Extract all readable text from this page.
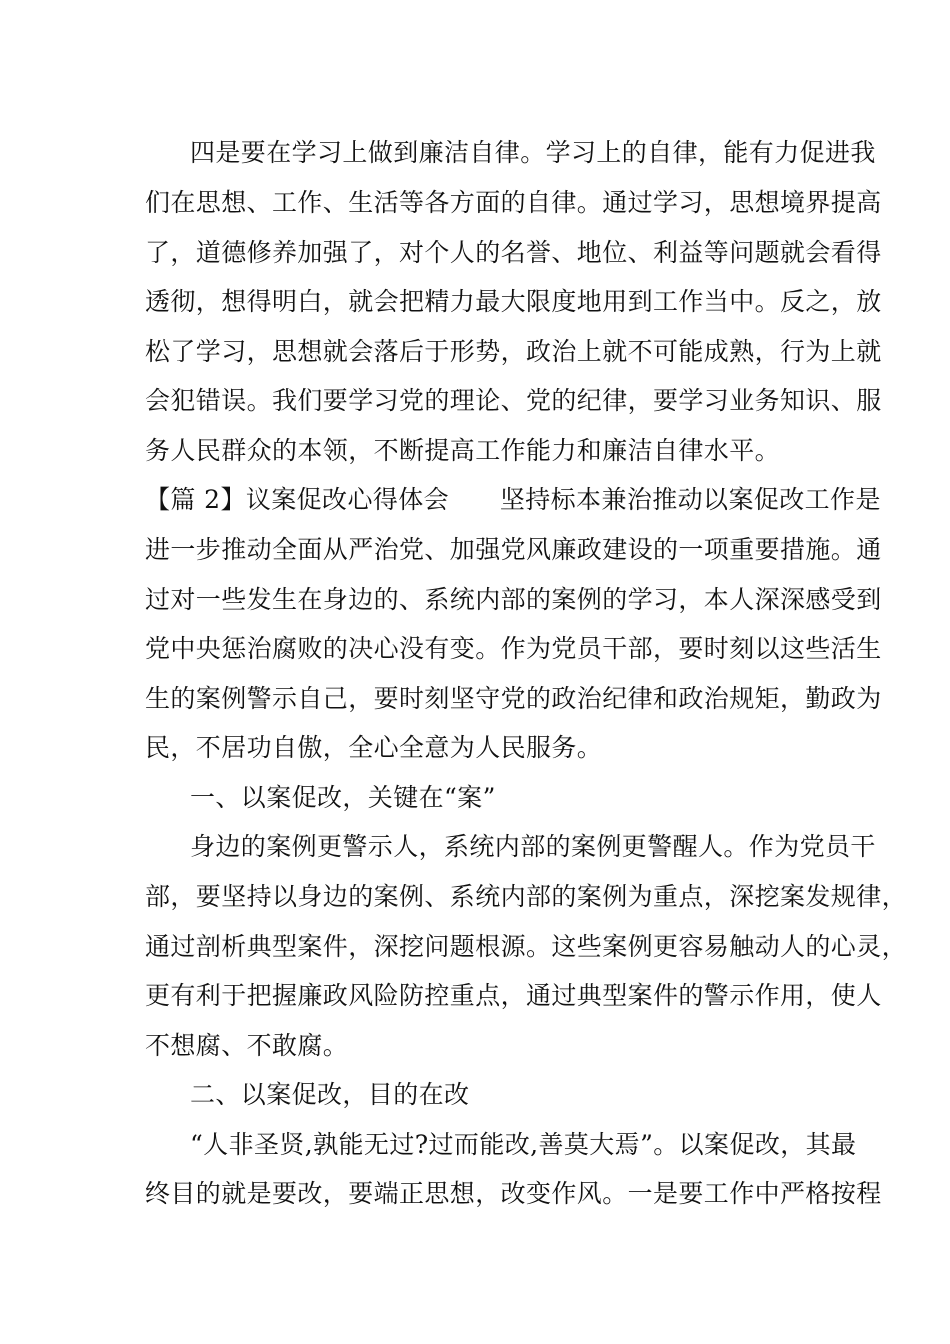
四是要在学习上做到廉洁自律。学习上的自律，能有力促进我
们在思想、工作、生活等各方面的自律。通过学习，思想境界提高
了，道德修养加强了，对个人的名誉、地位、利益等问题就会看得
透彻，想得明白，就会把精力最大限度地用到工作当中。反之，放
松了学习，思想就会落后于形势，政治上就不可能成熟，行为上就
会犯错误。我们要学习党的理论、党的纪律，要学习业务知识、服
务人民群众的本领，不断提高工作能力和廉洁自律水平。
【篇 2】议案促改心得体会　　坚持标本兼治推动以案促改工作是
进一步推动全面从严治党、加强党风廉政建设的一项重要措施。通
过对一些发生在身边的、系统内部的案例的学习，本人深深感受到
党中央惩治腐败的决心没有变。作为党员干部，要时刻以这些活生
生的案例警示自己，要时刻坚守党的政治纪律和政治规矩，勤政为
民，不居功自傲，全心全意为人民服务。
一、以案促改，关键在“案”
身边的案例更警示人，系统内部的案例更警醒人。作为党员干
部，要坚持以身边的案例、系统内部的案例为重点，深挖案发规律，
通过剖析典型案件，深挖问题根源。这些案例更容易触动人的心灵，
更有利于把握廉政风险防控重点，通过典型案件的警示作用，使人
不想腐、不敢腐。
二、以案促改，目的在改
“人非圣贤,孰能无过?过而能改,善莫大焉”。以案促改，其最
终目的就是要改，要端正思想，改变作风。一是要工作中严格按程
